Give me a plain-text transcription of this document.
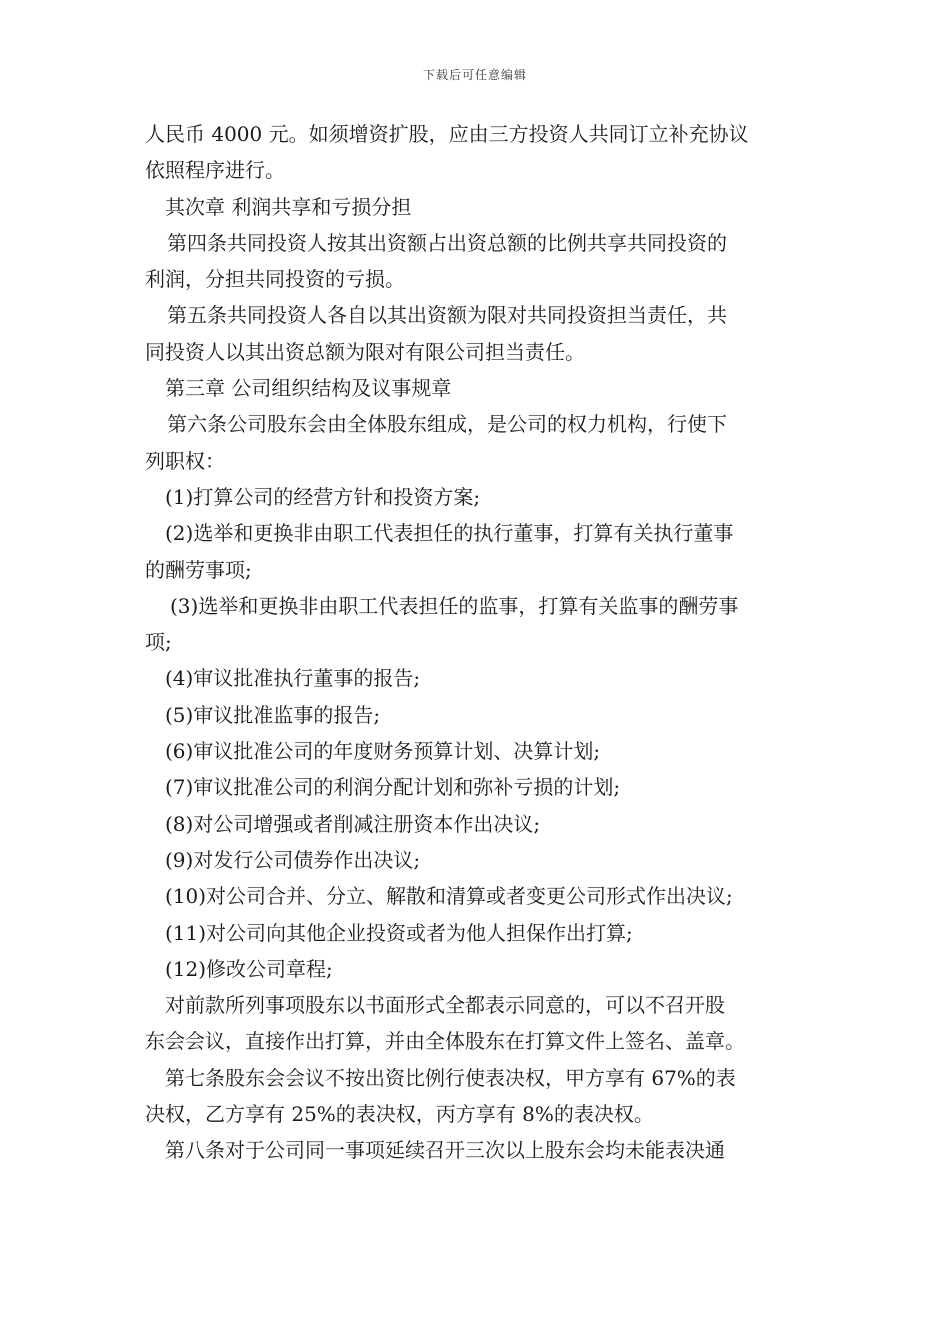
下载后可任意编辑

人民币 4000 元。如须增资扩股，应由三方投资人共同订立补充协议

依照程序进行。

其次章 利润共享和亏损分担

第四条共同投资人按其出资额占出资总额的比例共享共同投资的

利润，分担共同投资的亏损。

第五条共同投资人各自以其出资额为限对共同投资担当责任，共

同投资人以其出资总额为限对有限公司担当责任。

第三章 公司组织结构及议事规章

第六条公司股东会由全体股东组成，是公司的权力机构，行使下

列职权：

(1)打算公司的经营方针和投资方案;

(2)选举和更换非由职工代表担任的执行董事，打算有关执行董事

的酬劳事项;

(3)选举和更换非由职工代表担任的监事，打算有关监事的酬劳事

项;

(4)审议批准执行董事的报告;

(5)审议批准监事的报告;

(6)审议批准公司的年度财务预算计划、决算计划;

(7)审议批准公司的利润分配计划和弥补亏损的计划;

(8)对公司增强或者削减注册资本作出决议;

(9)对发行公司债券作出决议;

(10)对公司合并、分立、解散和清算或者变更公司形式作出决议;

(11)对公司向其他企业投资或者为他人担保作出打算;

(12)修改公司章程;

对前款所列事项股东以书面形式全都表示同意的，可以不召开股

东会会议，直接作出打算，并由全体股东在打算文件上签名、盖章。

第七条股东会会议不按出资比例行使表决权，甲方享有 67%的表

决权，乙方享有 25%的表决权，丙方享有 8%的表决权。

第八条对于公司同一事项延续召开三次以上股东会均未能表决通
